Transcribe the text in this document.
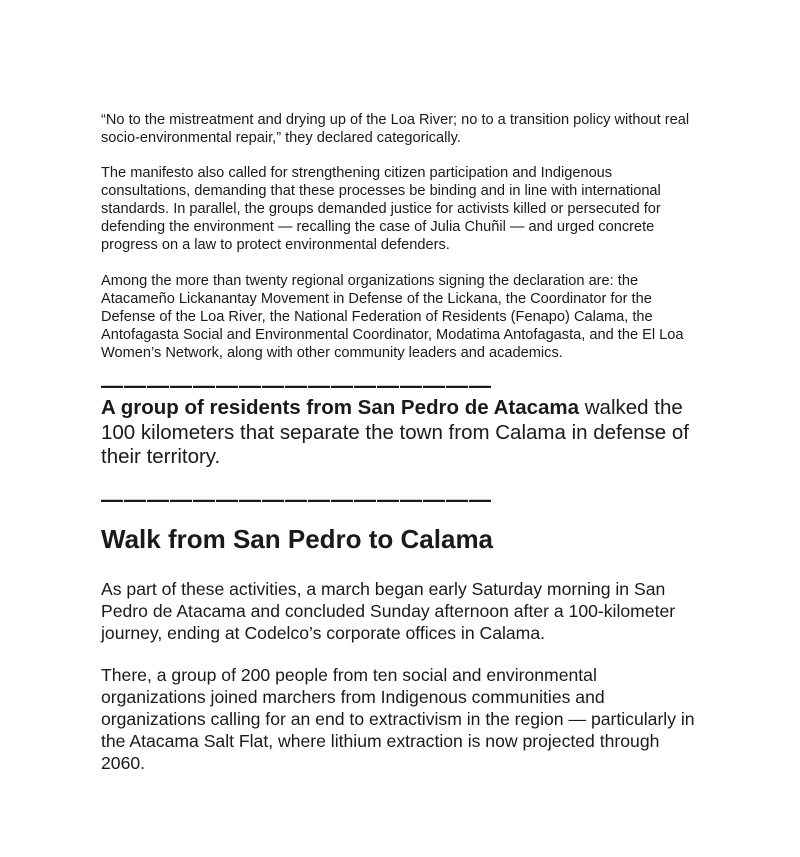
“No to the mistreatment and drying up of the Loa River; no to a transition policy without real socio-environmental repair,” they declared categorically.

The manifesto also called for strengthening citizen participation and Indigenous consultations, demanding that these processes be binding and in line with international standards. In parallel, the groups demanded justice for activists killed or persecuted for defending the environment — recalling the case of Julia Chuñil — and urged concrete progress on a law to protect environmental defenders.

Among the more than twenty regional organizations signing the declaration are: the Atacameño Lickanantay Movement in Defense of the Lickana, the Coordinator for the Defense of the Loa River, the National Federation of Residents (Fenapo) Calama, the Antofagasta Social and Environmental Coordinator, Modatima Antofagasta, and the El Loa Women’s Network, along with other community leaders and academics.

—————————————————

A group of residents from San Pedro de Atacama walked the 100 kilometers that separate the town from Calama in defense of their territory.

—————————————————
Walk from San Pedro to Calama

As part of these activities, a march began early Saturday morning in San Pedro de Atacama and concluded Sunday afternoon after a 100-kilometer journey, ending at Codelco’s corporate offices in Calama.

There, a group of 200 people from ten social and environmental organizations joined marchers from Indigenous communities and organizations calling for an end to extractivism in the region — particularly in the Atacama Salt Flat, where lithium extraction is now projected through 2060.
